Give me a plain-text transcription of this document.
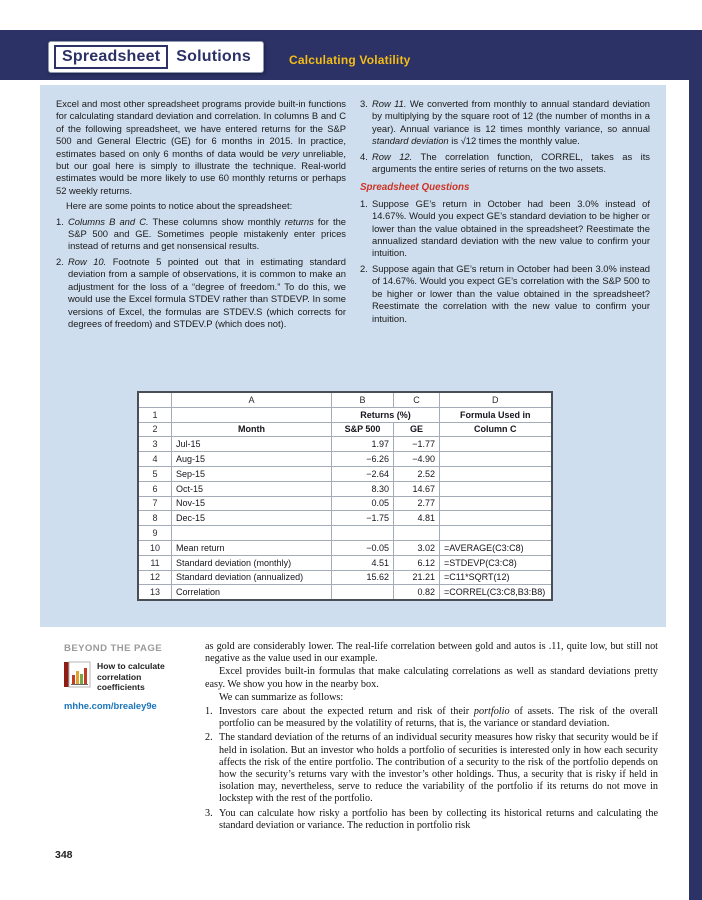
Spreadsheet	Solutions	Calculating Volatility
Excel and most other spreadsheet programs provide built-in functions for calculating standard deviation and correlation. In columns B and C of the following spreadsheet, we have entered returns for the S&P 500 and General Electric (GE) for 6 months in 2015. In practice, estimates based on only 6 months of data would be very unreliable, but our goal here is simply to illustrate the technique. Real-world estimates would be more likely to use 60 monthly returns or perhaps 52 weekly returns.
Here are some points to notice about the spreadsheet:
1. Columns B and C. These columns show monthly returns for the S&P 500 and GE. Sometimes people mistakenly enter prices instead of returns and get nonsensical results.
2. Row 10. Footnote 5 pointed out that in estimating standard deviation from a sample of observations, it is common to make an adjustment for the loss of a “degree of freedom.” To do this, we would use the Excel formula STDEV rather than STDEVP. In some versions of Excel, the formulas are STDEV.S (which corrects for degrees of freedom) and STDEV.P (which does not).
3. Row 11. We converted from monthly to annual standard deviation by multiplying by the square root of 12 (the number of months in a year). Annual variance is 12 times monthly variance, so annual standard deviation is √12 times the monthly value.
4. Row 12. The correlation function, CORREL, takes as its arguments the entire series of returns on the two assets.
Spreadsheet Questions
1. Suppose GE’s return in October had been 3.0% instead of 14.67%. Would you expect GE’s standard deviation to be higher or lower than the value obtained in the spreadsheet? Reestimate the annualized standard deviation with the new value to confirm your intuition.
2. Suppose again that GE’s return in October had been 3.0% instead of 14.67%. Would you expect GE’s correlation with the S&P 500 to be higher or lower than the value obtained in the spreadsheet? Reestimate the correlation with the new value to confirm your intuition.
	A	B	C	D
1		Returns (%)		Formula Used in
2	Month	S&P 500	GE	Column C
3	Jul-15	1.97	−1.77	
4	Aug-15	−6.26	−4.90	
5	Sep-15	−2.64	2.52	
6	Oct-15	8.30	14.67	
7	Nov-15	0.05	2.77	
8	Dec-15	−1.75	4.81	
9				
10	Mean return	−0.05	3.02	=AVERAGE(C3:C8)
11	Standard deviation (monthly)	4.51	6.12	=STDEVP(C3:C8)
12	Standard deviation (annualized)	15.62	21.21	=C11*SQRT(12)
13	Correlation		0.82	=CORREL(C3:C8,B3:B8)
BEYOND THE PAGE
How to calculate correlation coefficients
mhhe.com/brealey9e
as gold are considerably lower. The real-life correlation between gold and autos is .11, quite low, but still not negative as the value used in our example.
Excel provides built-in formulas that make calculating correlations as well as standard deviations pretty easy. We show you how in the nearby box.
We can summarize as follows:
1. Investors care about the expected return and risk of their portfolio of assets. The risk of the overall portfolio can be measured by the volatility of returns, that is, the variance or standard deviation.
2. The standard deviation of the returns of an individual security measures how risky that security would be if held in isolation. But an investor who holds a portfolio of securities is interested only in how each security affects the risk of the entire portfolio. The contribution of a security to the risk of the portfolio depends on how the security’s returns vary with the investor’s other holdings. Thus, a security that is risky if held in isolation may, nevertheless, serve to reduce the variability of the portfolio if its returns do not move in lockstep with the rest of the portfolio.
3. You can calculate how risky a portfolio has been by collecting its historical returns and calculating the standard deviation or variance. The reduction in portfolio risk
348
